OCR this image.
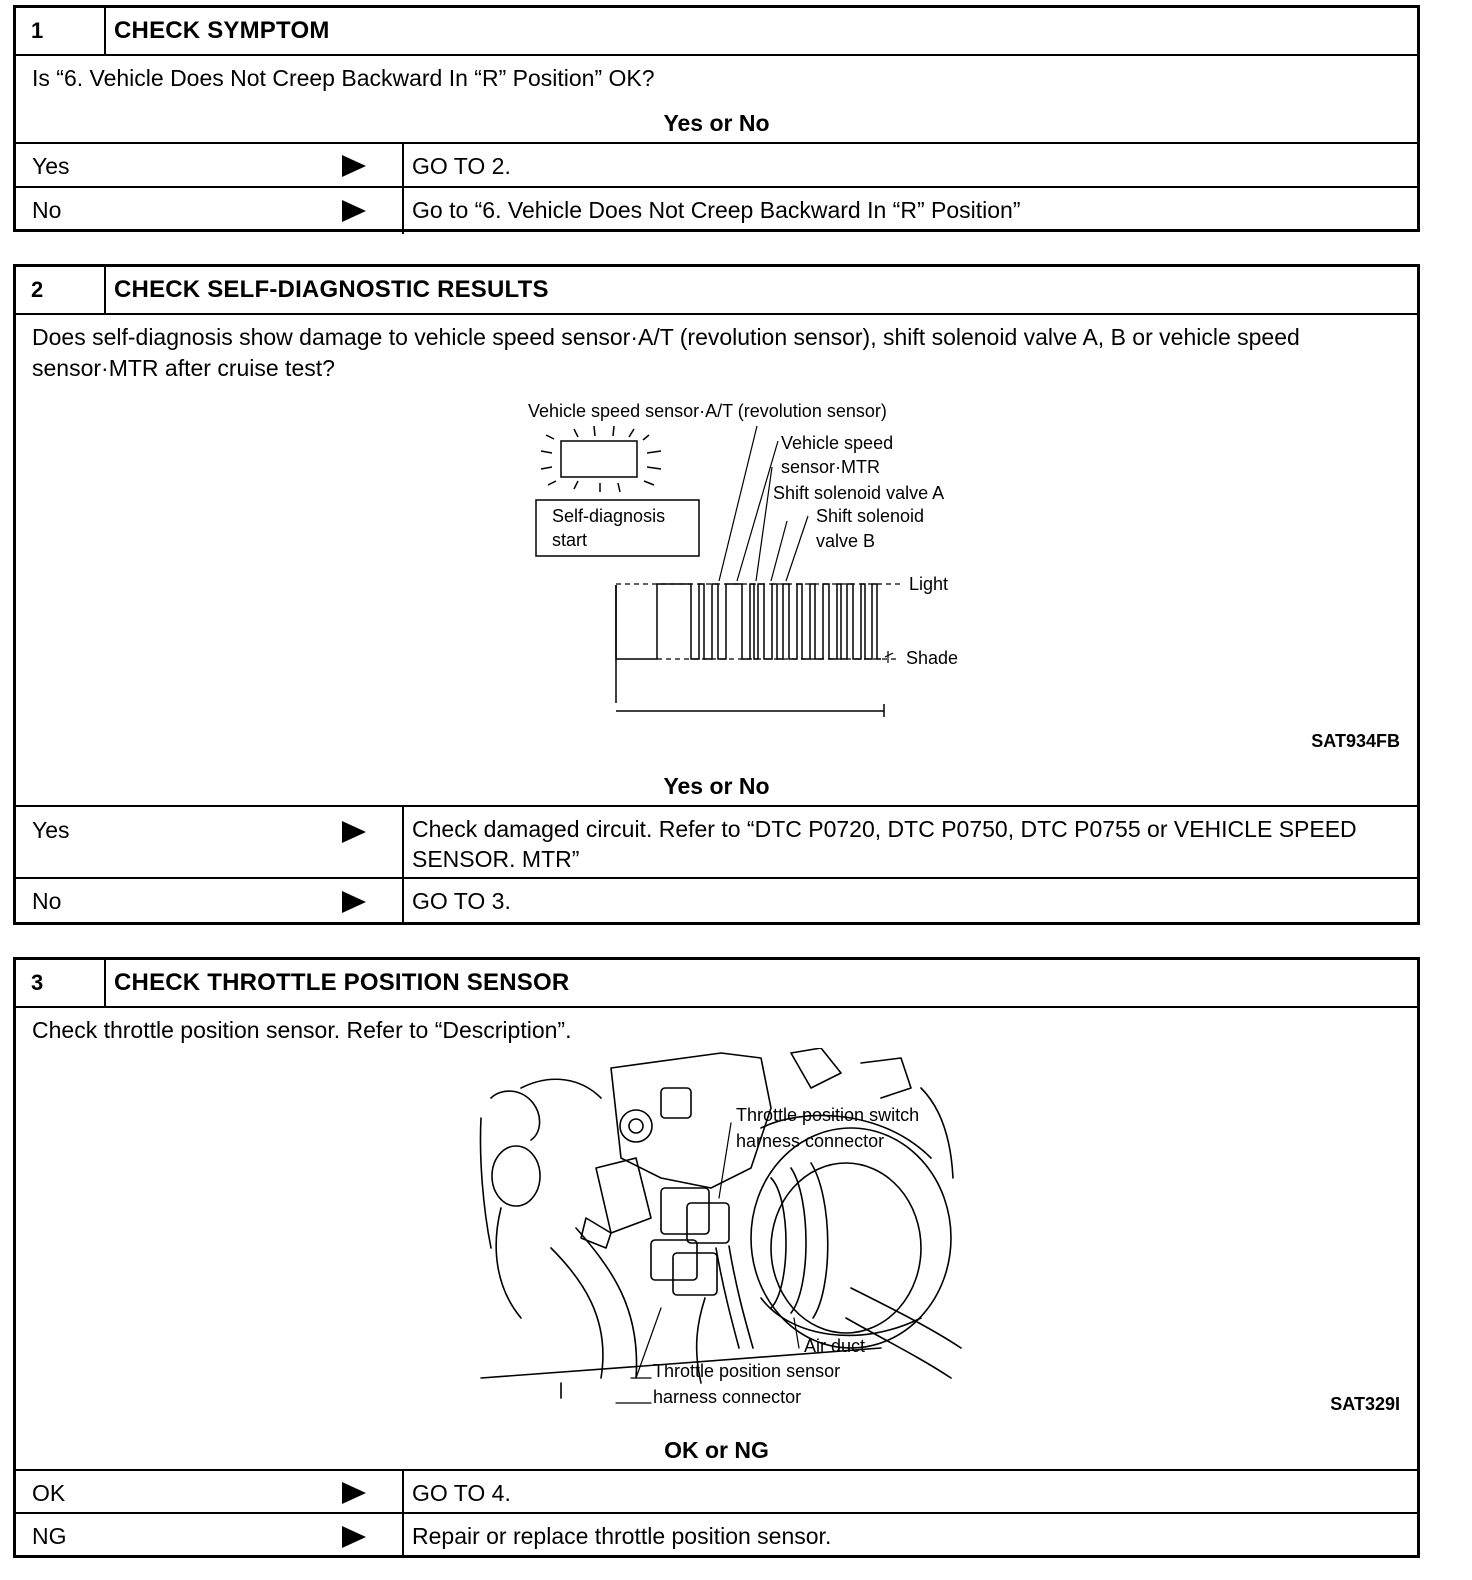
1	CHECK SYMPTOM
Is “6. Vehicle Does Not Creep Backward In “R” Position” OK?
Yes or No
Yes	GO TO 2.
No	Go to “6. Vehicle Does Not Creep Backward In “R” Position”
2	CHECK SELF-DIAGNOSTIC RESULTS
Does self-diagnosis show damage to vehicle speed sensor·A/T (revolution sensor), shift solenoid valve A, B or vehicle speed sensor·MTR after cruise test?
Vehicle speed sensor·A/T (revolution sensor)
Vehicle speed
sensor·MTR
Shift solenoid valve A
Shift solenoid
valve B
Self-diagnosis
start
Light
Shade
SAT934FB
Yes or No
Yes	Check damaged circuit. Refer to “DTC P0720, DTC P0750, DTC P0755 or VEHICLE SPEED SENSOR. MTR”
No	GO TO 3.
3	CHECK THROTTLE POSITION SENSOR
Check throttle position sensor. Refer to “Description”.
Throttle position switch
harness connector
Air duct
Throttle position sensor
harness connector	SAT329I
OK or NG
OK	GO TO 4.
NG	Repair or replace throttle position sensor.
